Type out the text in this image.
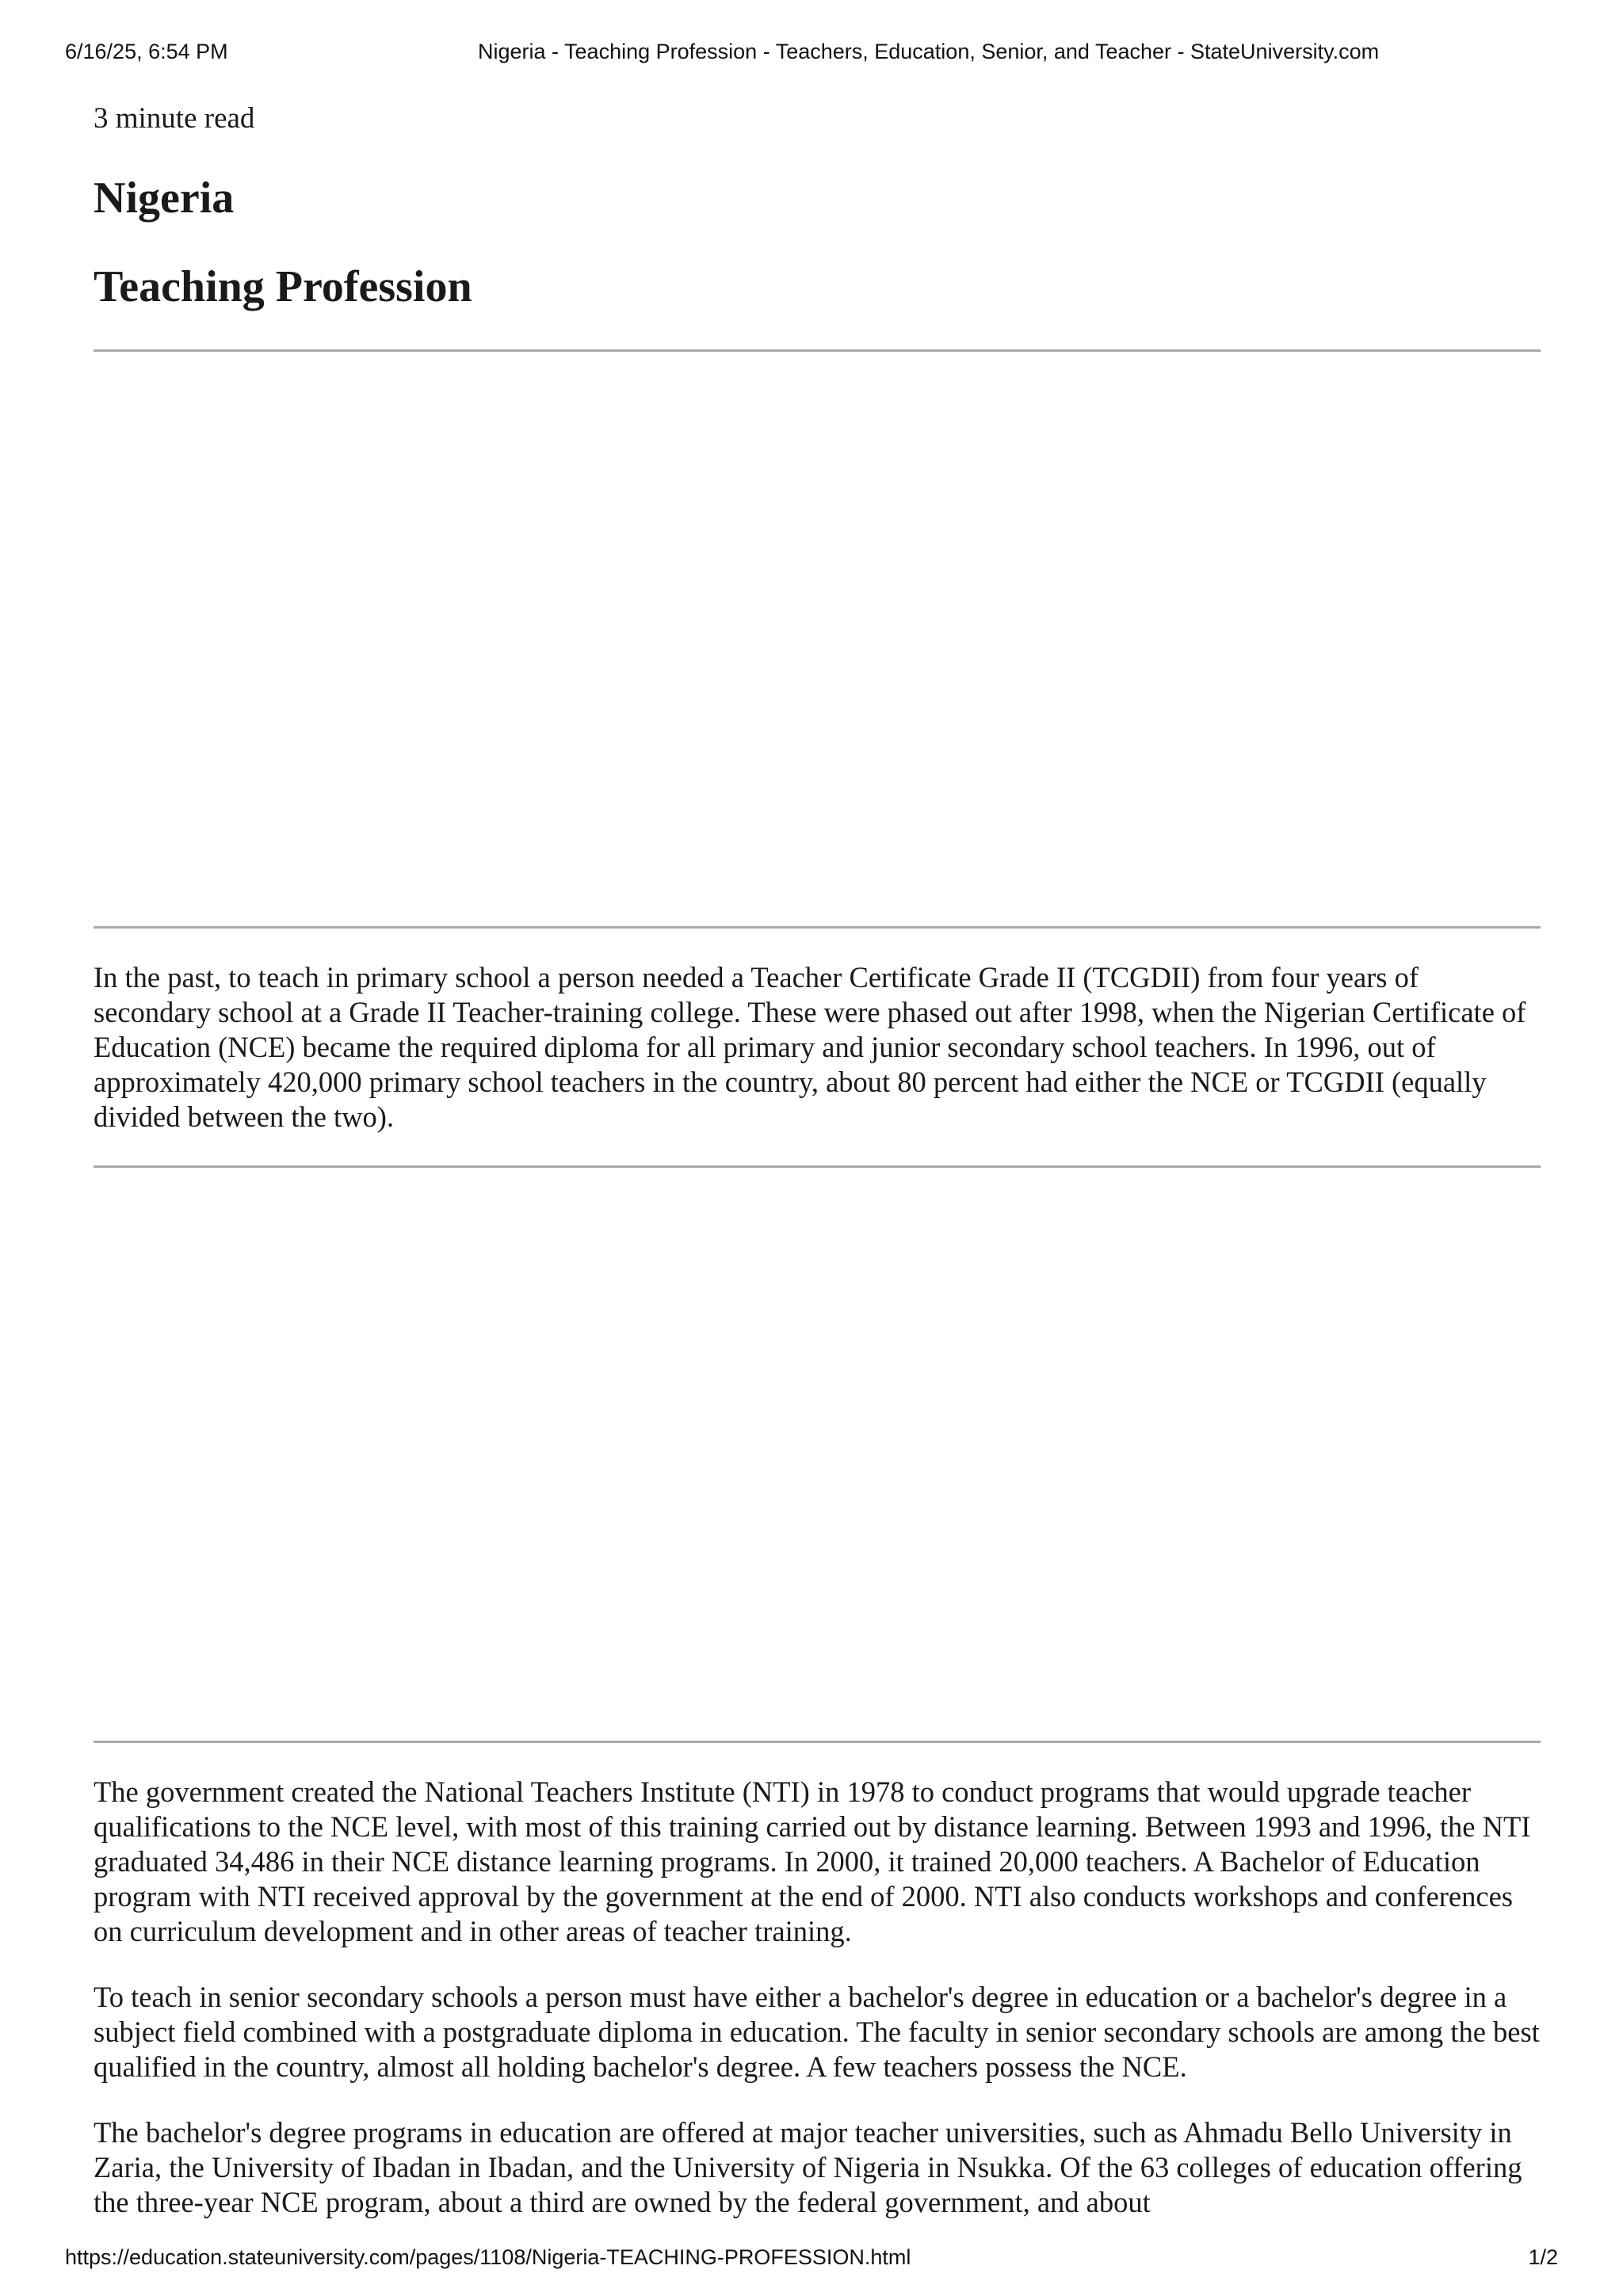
6/16/25, 6:54 PM	Nigeria - Teaching Profession - Teachers, Education, Senior, and Teacher - StateUniversity.com

3 minute read

Nigeria
Teaching Profession

In the past, to teach in primary school a person needed a Teacher Certificate Grade II (TCGDII) from four years of secondary school at a Grade II Teacher-training college. These were phased out after 1998, when the Nigerian Certificate of Education (NCE) became the required diploma for all primary and junior secondary school teachers. In 1996, out of approximately 420,000 primary school teachers in the country, about 80 percent had either the NCE or TCGDII (equally divided between the two).

The government created the National Teachers Institute (NTI) in 1978 to conduct programs that would upgrade teacher qualifications to the NCE level, with most of this training carried out by distance learning. Between 1993 and 1996, the NTI graduated 34,486 in their NCE distance learning programs. In 2000, it trained 20,000 teachers. A Bachelor of Education program with NTI received approval by the government at the end of 2000. NTI also conducts workshops and conferences on curriculum development and in other areas of teacher training.

To teach in senior secondary schools a person must have either a bachelor's degree in education or a bachelor's degree in a subject field combined with a postgraduate diploma in education. The faculty in senior secondary schools are among the best qualified in the country, almost all holding bachelor's degree. A few teachers possess the NCE.

The bachelor's degree programs in education are offered at major teacher universities, such as Ahmadu Bello University in Zaria, the University of Ibadan in Ibadan, and the University of Nigeria in Nsukka. Of the 63 colleges of education offering the three-year NCE program, about a third are owned by the federal government, and about

https://education.stateuniversity.com/pages/1108/Nigeria-TEACHING-PROFESSION.html	1/2
